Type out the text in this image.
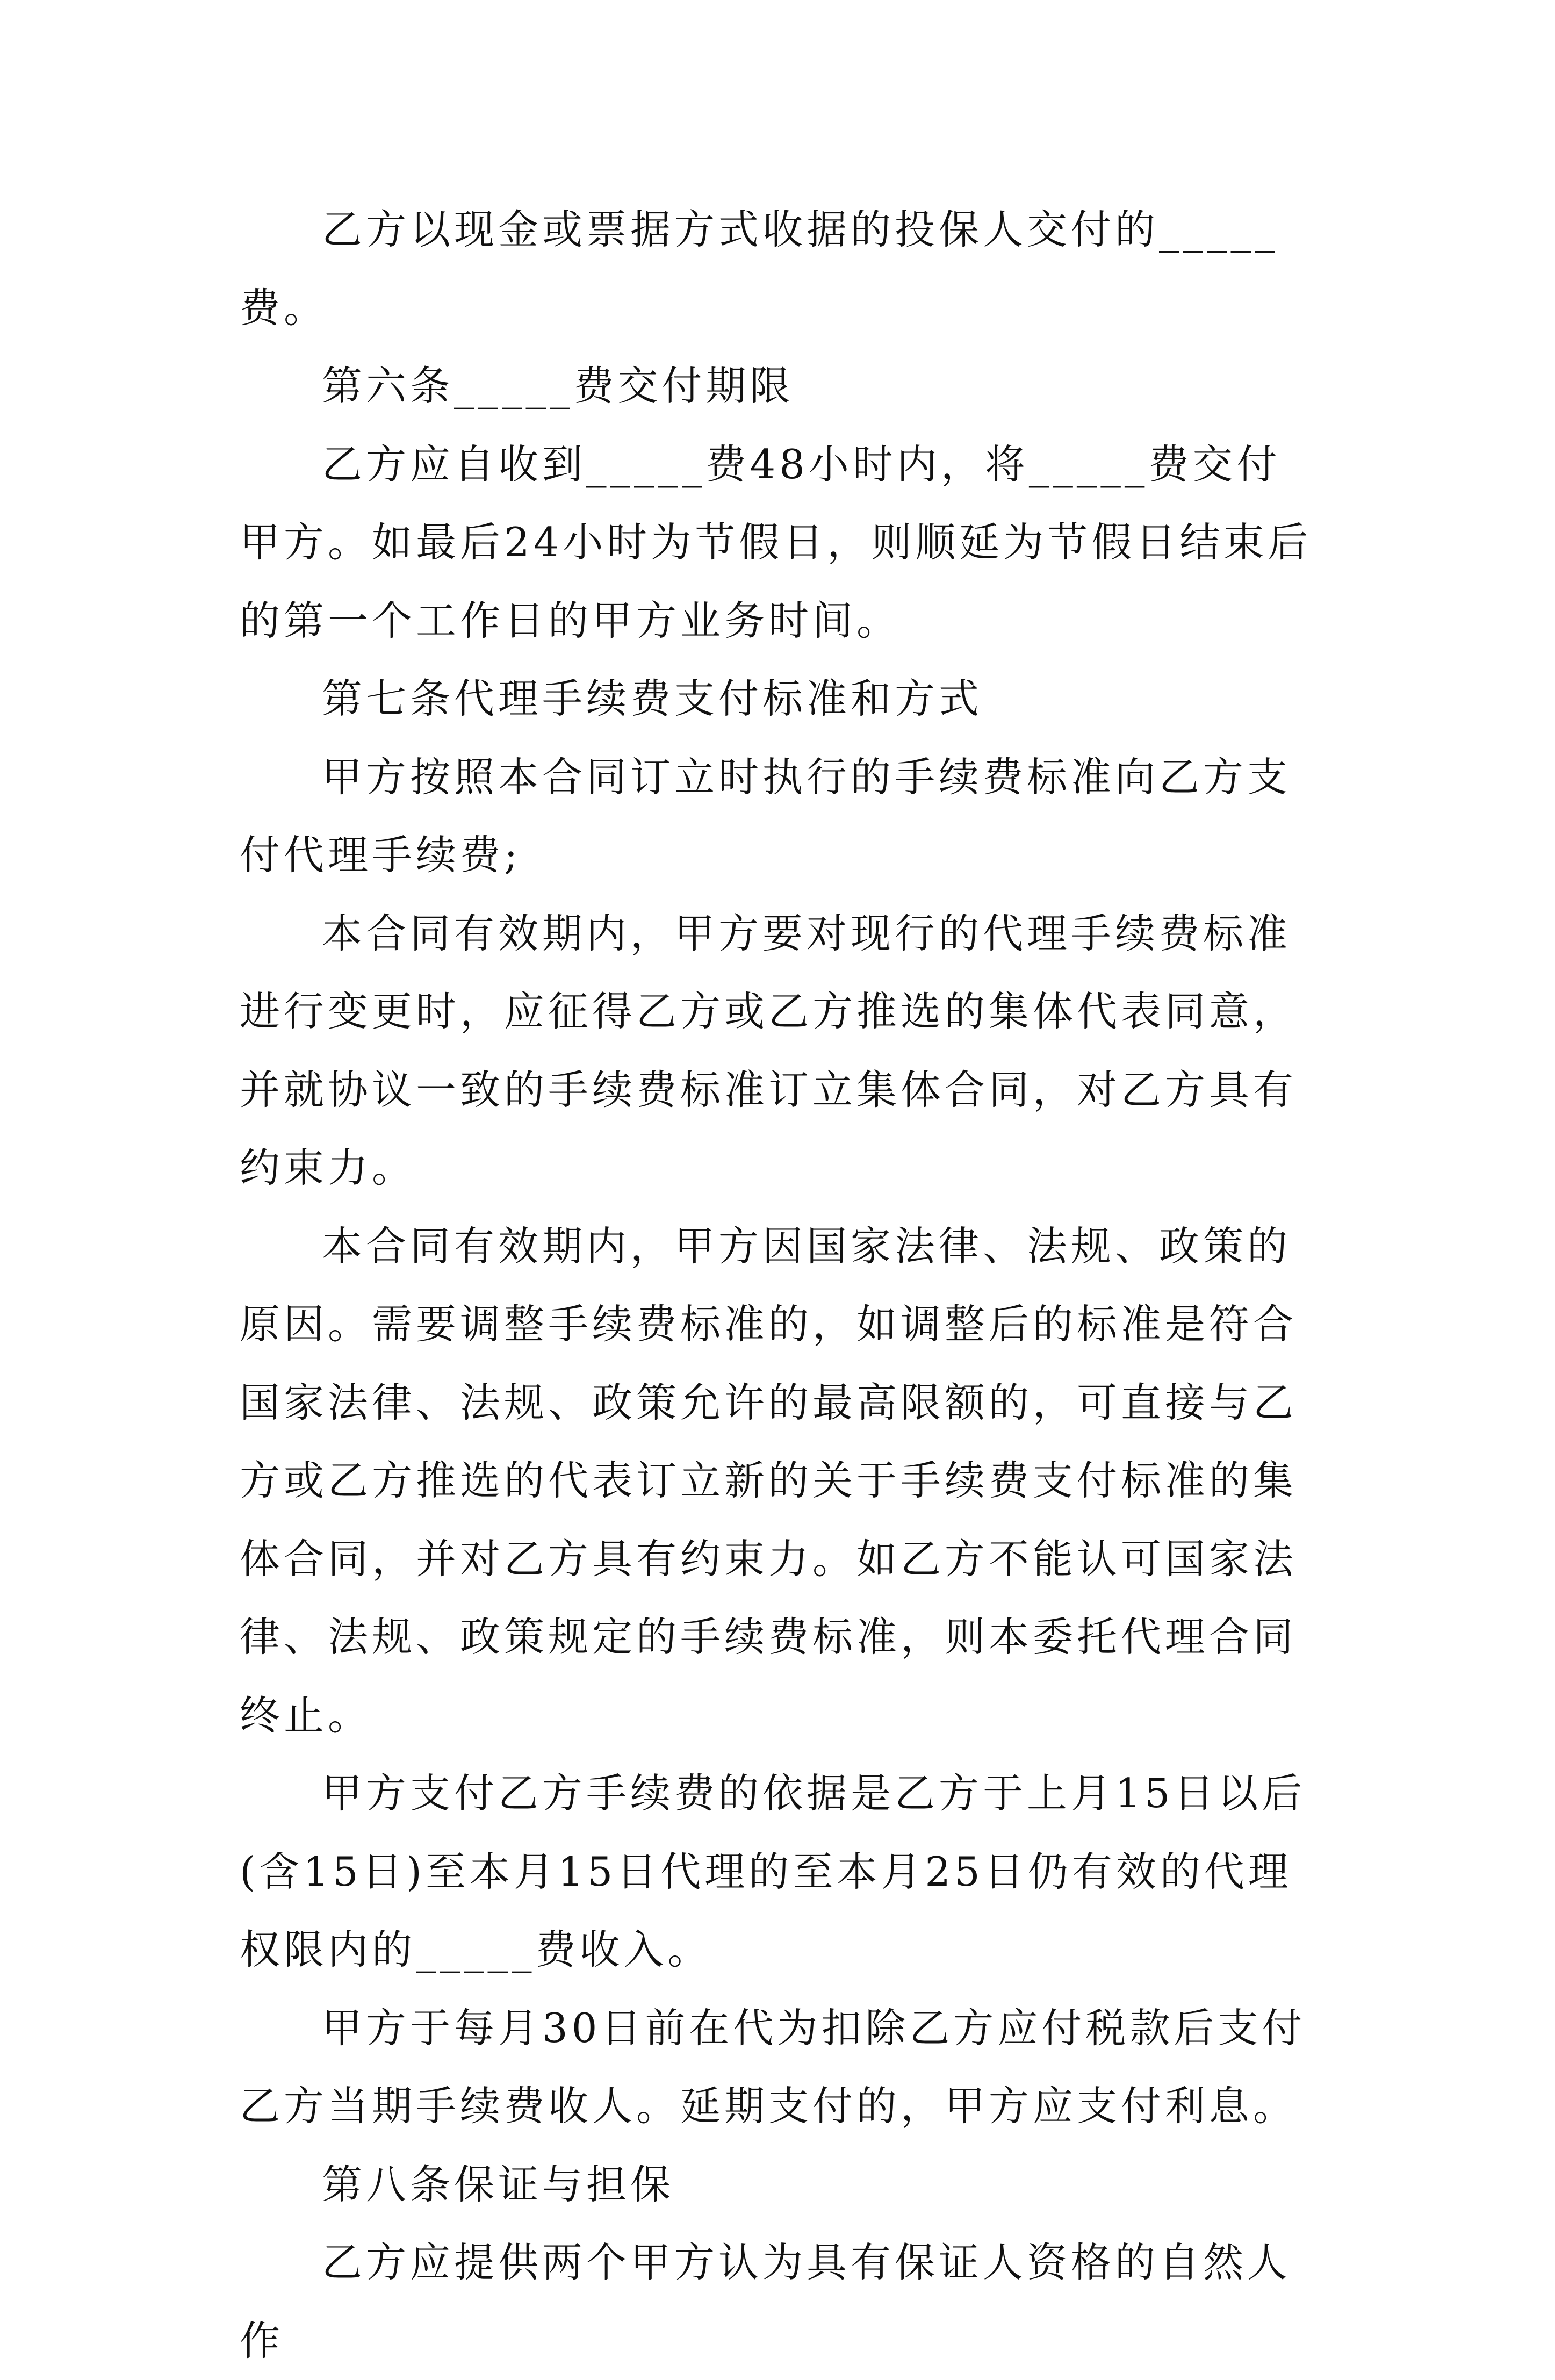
乙方以现金或票据方式收据的投保人交付的_____费。

第六条_____费交付期限

乙方应自收到_____费48小时内，将_____费交付甲方。如最后24小时为节假日，则顺延为节假日结束后的第一个工作日的甲方业务时间。

第七条代理手续费支付标准和方式

甲方按照本合同订立时执行的手续费标准向乙方支付代理手续费;

本合同有效期内，甲方要对现行的代理手续费标准进行变更时，应征得乙方或乙方推选的集体代表同意，并就协议一致的手续费标准订立集体合同，对乙方具有约束力。

本合同有效期内，甲方因国家法律、法规、政策的原因。需要调整手续费标准的，如调整后的标准是符合国家法律、法规、政策允许的最高限额的，可直接与乙方或乙方推选的代表订立新的关于手续费支付标准的集体合同，并对乙方具有约束力。如乙方不能认可国家法律、法规、政策规定的手续费标准，则本委托代理合同终止。

甲方支付乙方手续费的依据是乙方于上月15日以后(含15日)至本月15日代理的至本月25日仍有效的代理权限内的_____费收入。

甲方于每月30日前在代为扣除乙方应付税款后支付乙方当期手续费收人。延期支付的，甲方应支付利息。

第八条保证与担保

乙方应提供两个甲方认为具有保证人资格的自然人作
